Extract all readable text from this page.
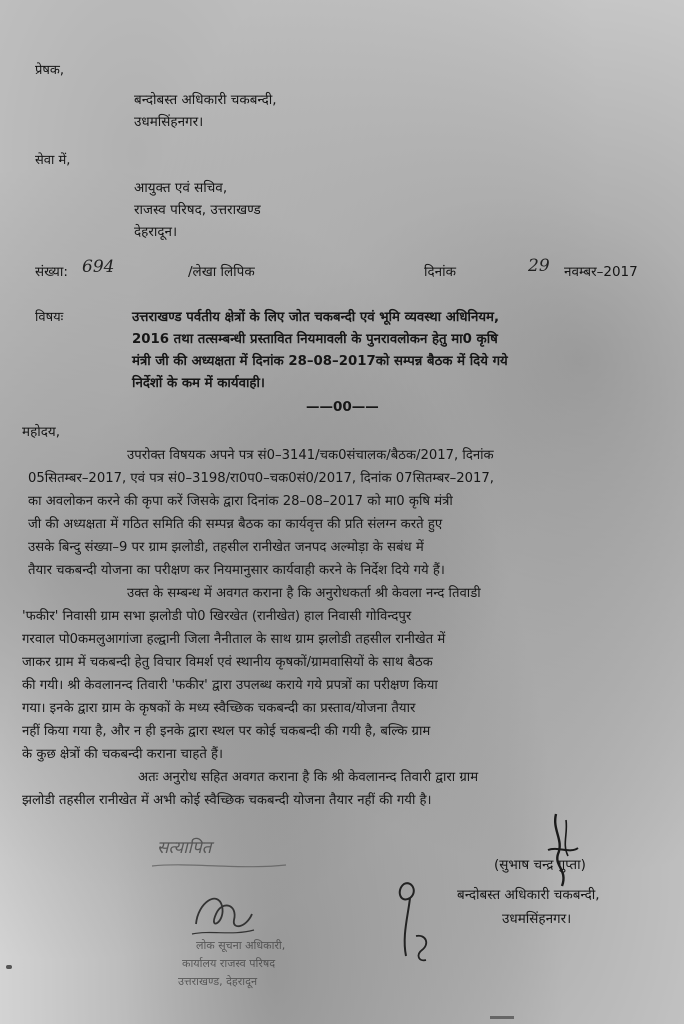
प्रेषक,
बन्दोबस्त अधिकारी चकबन्दी,
उधमसिंहनगर।
सेवा में,
आयुक्त एवं सचिव,
राजस्व परिषद, उत्तराखण्ड
देहरादून।
संख्या: 694	/लेखा लिपिक	दिनांक	29 नवम्बर–2017
विषयः	उत्तराखण्ड पर्वतीय क्षेत्रों के लिए जोत चकबन्दी एवं भूमि व्यवस्था अधिनियम,
2016 तथा तत्सम्बन्धी प्रस्तावित नियमावली के पुनरावलोकन हेतु मा0 कृषि
मंत्री जी की अध्यक्षता में दिनांक 28–08–2017को सम्पन्न बैठक में दिये गये
निर्देशों के कम में कार्यवाही।
——00——
महोदय,
उपरोक्त विषयक अपने पत्र सं0–3141/चक0संचालक/बैठक/2017, दिनांक
05सितम्बर–2017, एवं पत्र सं0–3198/रा0प0–चक0सं0/2017, दिनांक 07सितम्बर–2017,
का अवलोकन करने की कृपा करें जिसके द्वारा दिनांक 28–08–2017 को मा0 कृषि मंत्री
जी की अध्यक्षता में गठित समिति की सम्पन्न बैठक का कार्यवृत्त की प्रति संलग्न करते हुए
उसके बिन्दु संख्या–9 पर ग्राम झलोडी, तहसील रानीखेत जनपद अल्मोड़ा के सबंध में
तैयार चकबन्दी योजना का परीक्षण कर नियमानुसार कार्यवाही करने के निर्देश दिये गये हैं।
उक्त के सम्बन्ध में अवगत कराना है कि अनुरोधकर्ता श्री केवला नन्द तिवाडी
'फकीर' निवासी ग्राम सभा झलोडी पो0 खिरखेत (रानीखेत) हाल निवासी गोविन्दपुर
गरवाल पो0कमलुआगांजा हल्द्वानी जिला नैनीताल के साथ ग्राम झलोडी तहसील रानीखेत में
जाकर ग्राम में चकबन्दी हेतु विचार विमर्श एवं स्थानीय कृषकों/ग्रामवासियों के साथ बैठक
की गयी। श्री केवलानन्द तिवारी 'फकीर' द्वारा उपलब्ध कराये गये प्रपत्रों का परीक्षण किया
गया। इनके द्वारा ग्राम के कृषकों के मध्य स्वैच्छिक चकबन्दी का प्रस्ताव/योजना तैयार
नहीं किया गया है, और न ही इनके द्वारा स्थल पर कोई चकबन्दी की गयी है, बल्कि ग्राम
के कुछ क्षेत्रों की चकबन्दी कराना चाहते हैं।
अतः अनुरोध सहित अवगत कराना है कि श्री केवलानन्द तिवारी द्वारा ग्राम
झलोडी तहसील रानीखेत में अभी कोई स्वैच्छिक चकबन्दी योजना तैयार नहीं की गयी है।
सत्यापित
(सुभाष चन्द्र गुप्ता)
बन्दोबस्त अधिकारी चकबन्दी,
उधमसिंहनगर।
लोक सूचना अधिकारी,
कार्यालय राजस्व परिषद
उत्तराखण्ड, देहरादून
